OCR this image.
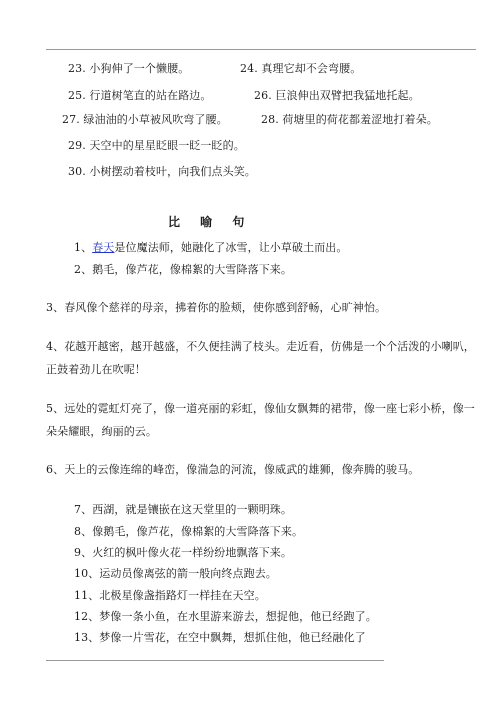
23. 小狗伸了一个懒腰。	24. 真理它却不会弯腰。
25. 行道树笔直的站在路边。	26. 巨浪伸出双臂把我猛地托起。
27. 绿油油的小草被风吹弯了腰。	28. 荷塘里的荷花都羞涩地打着朵。
29. 天空中的星星眨眼一眨一眨的。
30. 小树摆动着枝叶，向我们点头笑。
比 喻 句
1、春天是位魔法师，她融化了冰雪，让小草破土而出。
2、鹅毛，像芦花，像棉絮的大雪降落下来。
3、春风像个慈祥的母亲，拂着你的脸颊，使你感到舒畅，心旷神怡。
4、花越开越密，越开越盛，不久便挂满了枝头。走近看，仿佛是一个个活泼的小喇叭，正鼓着劲儿在吹呢！
5、远处的霓虹灯亮了，像一道亮丽的彩虹，像仙女飘舞的裙带，像一座七彩小桥，像一朵朵耀眼，绚丽的云。
6、天上的云像连绵的峰峦，像湍急的河流，像威武的雄狮，像奔腾的骏马。
7、西湖，就是镶嵌在这天堂里的一颗明珠。
8、像鹅毛，像芦花，像棉絮的大雪降落下来。
9、火红的枫叶像火花一样纷纷地飘落下来。
10、运动员像离弦的箭一般向终点跑去。
11、北极星像盏指路灯一样挂在天空。
12、梦像一条小鱼，在水里游来游去，想捉他，他已经跑了。
13、梦像一片雪花，在空中飘舞，想抓住他，他已经融化了
